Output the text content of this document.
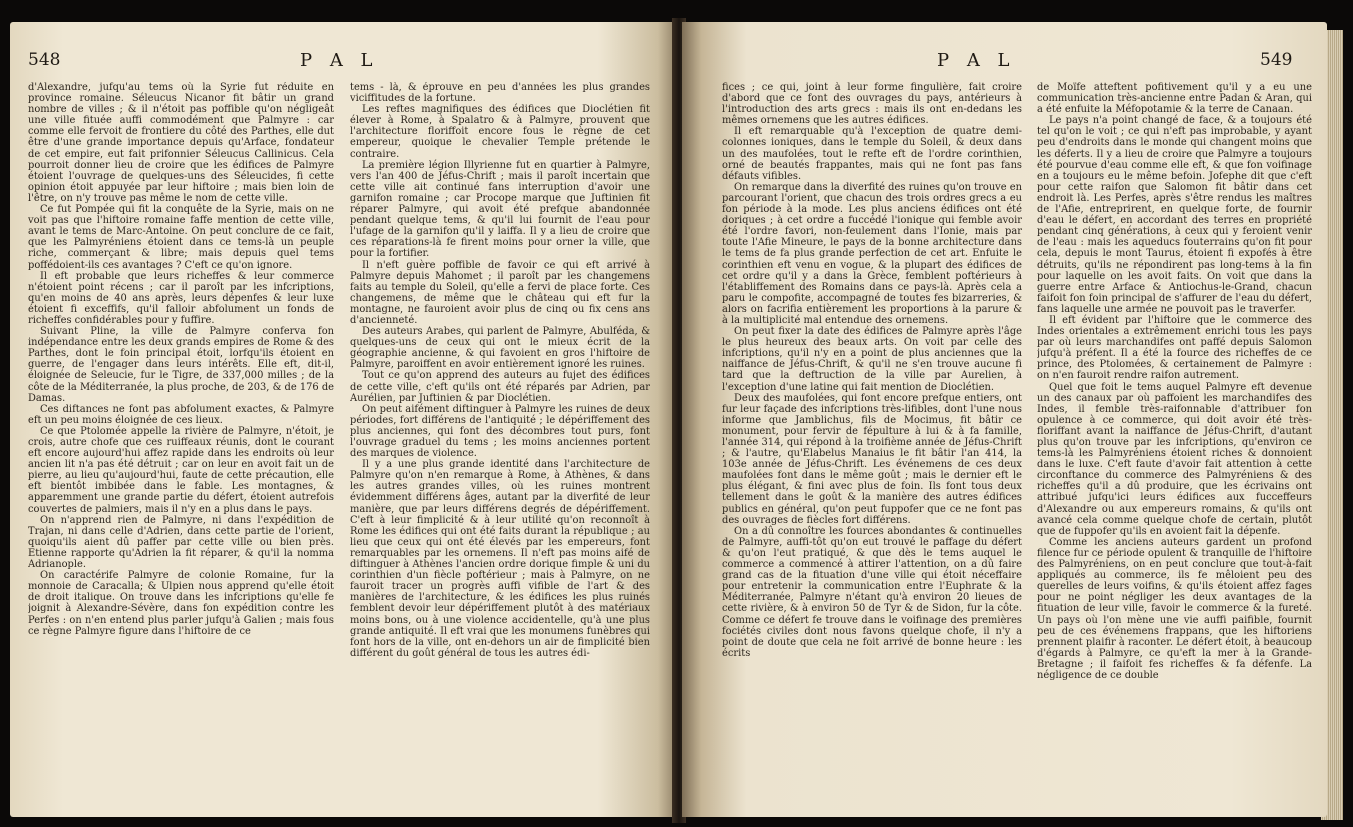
548	P A L

d'Alexandre, jufqu'au tems où la Syrie fut réduite en province romaine. Séleucus Nicanor fit bâtir un grand nombre de villes ; & il n'étoit pas poffible qu'on négligeât une ville fituée auffi commodément que Palmyre : car comme elle fervoit de frontiere du côté des Parthes, elle dut être d'une grande importance depuis qu'Arface, fondateur de cet empire, eut fait prifonnier Séleucus Callinicus. Cela pourroit donner lieu de croire que les édifices de Palmyre étoient l'ouvrage de quelques-uns des Séleucides, fi cette opinion étoit appuyée par leur hiftoire ; mais bien loin de l'être, on n'y trouve pas même le nom de cette ville.

Ce fut Pompée qui fit la conquête de la Syrie, mais on ne voit pas que l'hiftoire romaine faffe mention de cette ville, avant le tems de Marc-Antoine. On peut conclure de ce fait, que les Palmyréniens étoient dans ce tems-là un peuple riche, commerçant & libre; mais depuis quel tems poffédoient-ils ces avantages ? C'eft ce qu'on ignore.

Il eft probable que leurs richeffes & leur commerce n'étoient point récens ; car il paroît par les infcriptions, qu'en moins de 40 ans après, leurs dépenfes & leur luxe étoient fi exceffifs, qu'il falloir abfolument un fonds de richeffes confidérables pour y fuffire.

Suivant Pline, la ville de Palmyre conferva fon indépendance entre les deux grands empires de Rome & des Parthes, dont le foin principal étoit, lorfqu'ils étoient en guerre, de l'engager dans leurs intérêts. Elle eft, dit-il, éloignée de Seleucie, fur le Tigre, de 337,000 milles ; de la côte de la Méditerranée, la plus proche, de 203, & de 176 de Damas.

Ces diftances ne font pas abfolument exactes, & Palmyre eft un peu moins éloignée de ces lieux.

Ce que Ptolomée appelle la rivière de Palmyre, n'étoit, je crois, autre chofe que ces ruiffeaux réunis, dont le courant eft encore aujourd'hui affez rapide dans les endroits où leur ancien lit n'a pas été détruit ; car on leur en avoit fait un de pierre, au lieu qu'aujourd'hui, faute de cette précaution, elle eft bientôt imbibée dans le fable. Les montagnes, & apparemment une grande partie du défert, étoient autrefois couvertes de palmiers, mais il n'y en a plus dans le pays.

On n'apprend rien de Palmyre, ni dans l'expédition de Trajan, ni dans celle d'Adrien, dans cette partie de l'orient, quoiqu'ils aient dû paffer par cette ville ou bien près. Etienne rapporte qu'Adrien la fit réparer, & qu'il la nomma Adrianople.

On caractérife Palmyre de colonie Romaine, fur la monnoie de Caracalla; & Ulpien nous apprend qu'elle étoit de droit italique. On trouve dans les infcriptions qu'elle fe joignit à Alexandre-Sévère, dans fon expédition contre les Perfes : on n'en entend plus parler jufqu'à Galien ; mais fous ce règne Palmyre figure dans l'hiftoire de ce

tems - là, & éprouve en peu d'années les plus grandes viciffitudes de la fortune.

Les reftes magnifiques des édifices que Dioclétien fit élever à Rome, à Spalatro & à Palmyre, prouvent que l'architecture floriffoit encore fous le règne de cet empereur, quoique le chevalier Temple prétende le contraire.

La première légion Illyrienne fut en quartier à Palmyre, vers l'an 400 de Jéfus-Chrift ; mais il paroît incertain que cette ville ait continué fans interruption d'avoir une garnifon romaine ; car Procope marque que Juftinien fit réparer Palmyre, qui avoit été prefque abandonnée pendant quelque tems, & qu'il lui fournit de l'eau pour l'ufage de la garnifon qu'il y laiffa. Il y a lieu de croire que ces réparations-là fe firent moins pour orner la ville, que pour la fortifier.

Il n'eft guère poffible de favoir ce qui eft arrivé à Palmyre depuis Mahomet ; il paroît par les changemens faits au temple du Soleil, qu'elle a fervi de place forte. Ces changemens, de même que le château qui eft fur la montagne, ne fauroient avoir plus de cinq ou fix cens ans d'ancienneté.

Des auteurs Arabes, qui parlent de Palmyre, Abulféda, & quelques-uns de ceux qui ont le mieux écrit de la géographie ancienne, & qui favoient en gros l'hiftoire de Palmyre, paroiffent en avoir entièrement ignoré les ruines.

Tout ce qu'on apprend des auteurs au fujet des édifices de cette ville, c'eft qu'ils ont été réparés par Adrien, par Aurélien, par Juftinien & par Dioclétien.

On peut aifément diftinguer à Palmyre les ruines de deux périodes, fort différens de l'antiquité ; le dépériffement des plus anciennes, qui font des décombres tout purs, font l'ouvrage graduel du tems ; les moins anciennes portent des marques de violence.

Il y a une plus grande identité dans l'architecture de Palmyre qu'on n'en remarque à Rome, à Athènes, & dans les autres grandes villes, où les ruines montrent évidemment différens âges, autant par la diverfité de leur manière, que par leurs différens degrés de dépériffement. C'eft à leur fimplicité & à leur utilité qu'on reconnoît à Rome les édifices qui ont été faits durant la république ; au lieu que ceux qui ont été élevés par les empereurs, font remarquables par les ornemens. Il n'eft pas moins aifé de diftinguer à Athènes l'ancien ordre dorique fimple & uni du corinthien d'un fiècle poftérieur ; mais à Palmyre, on ne fauroit tracer un progrès auffi vifible de l'art & des manières de l'architecture, & les édifices les plus ruinés femblent devoir leur dépériffement plutôt à des matériaux moins bons, ou à une violence accidentelle, qu'à une plus grande antiquité. Il eft vrai que les monumens funèbres qui font hors de la ville, ont en-dehors un air de fimplicité bien différent du goût général de tous les autres édi-

P A L	549

fices ; ce qui, joint à leur forme fingulière, fait croire d'abord que ce font des ouvrages du pays, antérieurs à l'introduction des arts grecs : mais ils ont en-dedans les mêmes ornemens que les autres édifices.

Il eft remarquable qu'à l'exception de quatre demi-colonnes ioniques, dans le temple du Soleil, & deux dans un des maufolées, tout le refte eft de l'ordre corinthien, orné de beautés frappantes, mais qui ne font pas fans défauts vifibles.

On remarque dans la diverfité des ruines qu'on trouve en parcourant l'orient, que chacun des trois ordres grecs a eu fon période à la mode. Les plus anciens édifices ont été doriques ; à cet ordre a fuccédé l'ionique qui femble avoir été l'ordre favori, non-feulement dans l'Ionie, mais par toute l'Afie Mineure, le pays de la bonne architecture dans le tems de fa plus grande perfection de cet art. Enfuite le corinthien eft venu en vogue, & la plupart des édifices de cet ordre qu'il y a dans la Grèce, femblent poftérieurs à l'établiffement des Romains dans ce pays-là. Après cela a paru le compofite, accompagné de toutes fes bizarreries, & alors on facrifia entièrement les proportions à la parure & à la multiplicité mal entendue des ornemens.

On peut fixer la date des édifices de Palmyre après l'âge le plus heureux des beaux arts. On voit par celle des infcriptions, qu'il n'y en a point de plus anciennes que la naiffance de Jéfus-Chrift, & qu'il ne s'en trouve aucune fi tard que la deftruction de la ville par Aurelien, à l'exception d'une latine qui fait mention de Dioclétien.

Deux des maufolées, qui font encore prefque entiers, ont fur leur façade des infcriptions très-lifibles, dont l'une nous informe que Jamblichus, fils de Mocimus, fit bâtir ce monument, pour fervir de fépulture à lui & à fa famille, l'année 314, qui répond à la troifième année de Jéfus-Chrift ; & l'autre, qu'Elabelus Manaius le fit bâtir l'an 414, la 103e année de Jéfus-Chrift. Les événemens de ces deux maufolées font dans le même goût ; mais le dernier eft le plus élégant, & fini avec plus de foin. Ils font tous deux tellement dans le goût & la manière des autres édifices publics en général, qu'on peut fuppofer que ce ne font pas des ouvrages de fiècles fort différens.

On a dû connoître les fources abondantes & continuelles de Palmyre, auffi-tôt qu'on eut trouvé le paffage du défert & qu'on l'eut pratiqué, & que dès le tems auquel le commerce a commencé à attirer l'attention, on a dû faire grand cas de la fituation d'une ville qui étoit néceffaire pour entretenir la communication entre l'Euphrate & la Méditerranée, Palmyre n'étant qu'à environ 20 lieues de cette rivière, & à environ 50 de Tyr & de Sidon, fur la côte. Comme ce défert fe trouve dans le voifinage des premières fociétés civiles dont nous favons quelque chofe, il n'y a point de doute que cela ne foit arrivé de bonne heure : les écrits

de Moïfe atteftent pofitivement qu'il y a eu une communication très-ancienne entre Padan & Aran, qui a été enfuite la Méfopotamie & la terre de Canaan.

Le pays n'a point changé de face, & a toujours été tel qu'on le voit ; ce qui n'eft pas improbable, y ayant peu d'endroits dans le monde qui changent moins que les déferts. Il y a lieu de croire que Palmyre a toujours été pourvue d'eau comme elle eft, & que fon voifinage en a toujours eu le même befoin. Jofephe dit que c'eft pour cette raifon que Salomon fit bâtir dans cet endroit là. Les Perfes, après s'être rendus les maîtres de l'Afie, entreprirent, en quelque forte, de fournir d'eau le défert, en accordant des terres en propriété pendant cinq générations, à ceux qui y feroient venir de l'eau : mais les aqueducs fouterrains qu'on fit pour cela, depuis le mont Taurus, étoient fi expofés à être détruits, qu'ils ne répondirent pas long-tems à la fin pour laquelle on les avoit faits. On voit que dans la guerre entre Arface & Antiochus-le-Grand, chacun faifoit fon foin principal de s'affurer de l'eau du défert, fans laquelle une armée ne pouvoit pas le traverfer.

Il eft évident par l'hiftoire que le commerce des Indes orientales a extrêmement enrichi tous les pays par où leurs marchandifes ont paffé depuis Salomon jufqu'à préfent. Il a été la fource des richeffes de ce prince, des Ptolomées, & certainement de Palmyre : on n'en fauroit rendre raifon autrement.

Quel que foit le tems auquel Palmyre eft devenue un des canaux par où paffoient les marchandifes des Indes, il femble très-raifonnable d'attribuer fon opulence à ce commerce, qui doit avoir été très-floriffant avant la naiffance de Jéfus-Chrift, d'autant plus qu'on trouve par les infcriptions, qu'environ ce tems-là les Palmyréniens étoient riches & donnoient dans le luxe. C'eft faute d'avoir fait attention à cette circonftance du commerce des Palmyréniens & des richeffes qu'il a dû produire, que les écrivains ont attribué jufqu'ici leurs édifices aux fucceffeurs d'Alexandre ou aux empereurs romains, & qu'ils ont avancé cela comme quelque chofe de certain, plutôt que de fuppofer qu'ils en avoient fait la dépenfe.

Comme les anciens auteurs gardent un profond filence fur ce période opulent & tranquille de l'hiftoire des Palmyréniens, on en peut conclure que tout-à-fait appliqués au commerce, ils fe mêloient peu des querelles de leurs voifins, & qu'ils étoient affez fages pour ne point négliger les deux avantages de la fituation de leur ville, favoir le commerce & la fureté. Un pays où l'on mène une vie auffi paifible, fournit peu de ces événemens frappans, que les hiftoriens prennent plaifir à raconter. Le défert étoit, à beaucoup d'égards à Palmyre, ce qu'eft la mer à la Grande-Bretagne ; il faifoit fes richeffes & fa défenfe. La négligence de ce double
